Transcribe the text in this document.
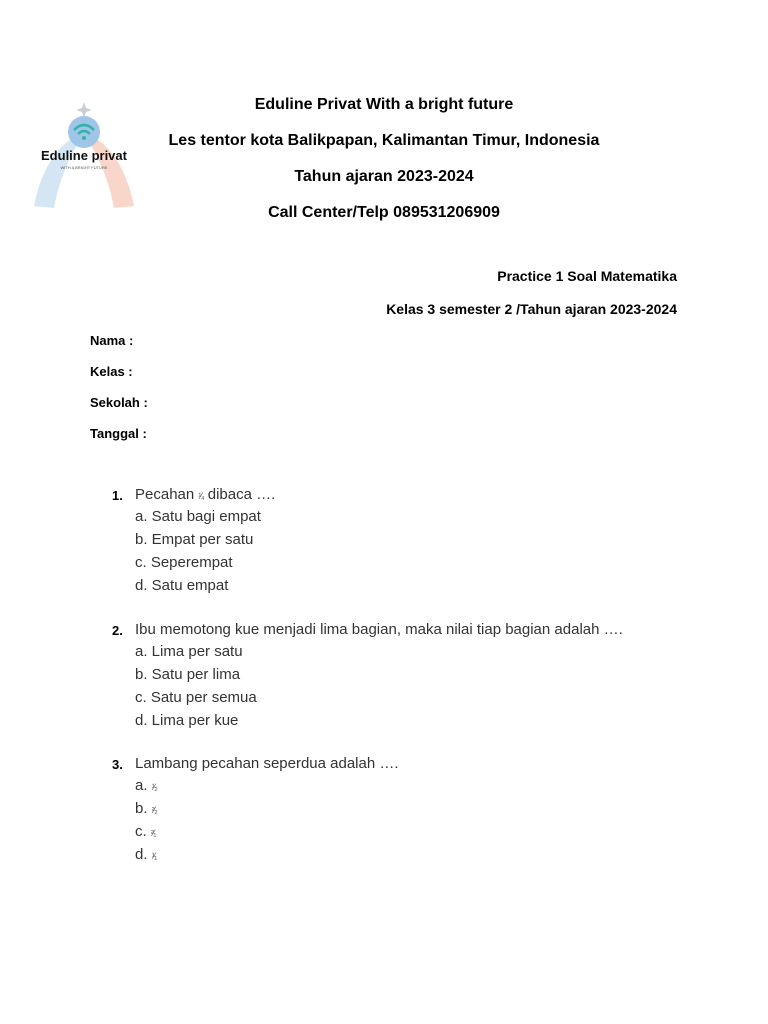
Eduline privat
WITH A BRIGHT FUTURE
Eduline Privat With a bright future
Les tentor kota Balikpapan, Kalimantan Timur, Indonesia
Tahun ajaran 2023-2024
Call Center/Telp 089531206909
Practice 1 Soal Matematika
Kelas 3 semester 2 /Tahun ajaran 2023-2024
Nama :
Kelas :
Sekolah :
Tanggal :
1. Pecahan ¹⁄₄ dibaca ….
a. Satu bagi empat
b. Empat per satu
c. Seperempat
d. Satu empat
2. Ibu memotong kue menjadi lima bagian, maka nilai tiap bagian adalah ….
a. Lima per satu
b. Satu per lima
c. Satu per semua
d. Lima per kue
3. Lambang pecahan seperdua adalah ….
a. ¹⁄₂
b. ²⁄₂
c. ²⁄₁
d. ¹⁄₁
